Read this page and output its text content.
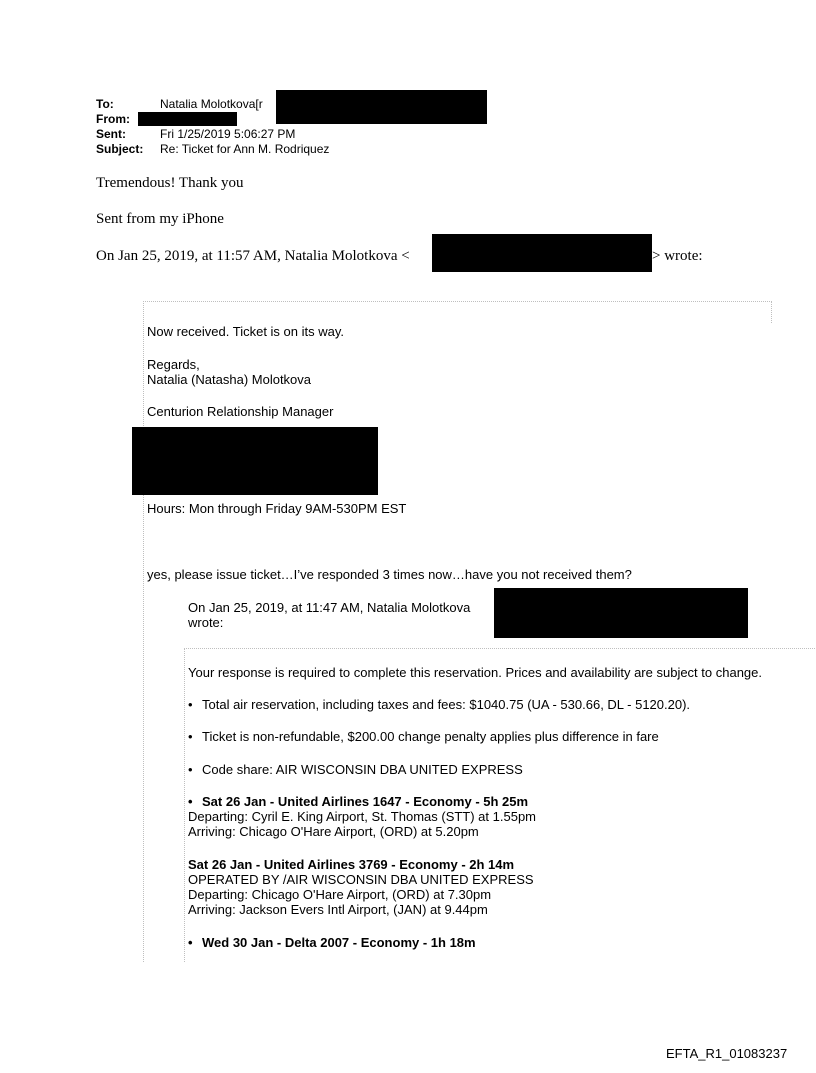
To:	Natalia Molotkova[r
From:
Sent:	Fri 1/25/2019 5:06:27 PM
Subject: Re: Ticket for Ann M. Rodriquez
Tremendous! Thank you
Sent from my iPhone
On Jan 25, 2019, at 11:57 AM, Natalia Molotkova <	> wrote:
Now received. Ticket is on its way.
Regards,
Natalia (Natasha) Molotkova
Centurion Relationship Manager
Hours: Mon through Friday 9AM-530PM EST
yes, please issue ticket…I’ve responded 3 times now…have you not received them?
On Jan 25, 2019, at 11:47 AM, Natalia Molotkova
wrote:
Your response is required to complete this reservation. Prices and availability are subject to change.
• Total air reservation, including taxes and fees: $1040.75 (UA - 530.66, DL - 5120.20).
• Ticket is non-refundable, $200.00 change penalty applies plus difference in fare
• Code share: AIR WISCONSIN DBA UNITED EXPRESS
• Sat 26 Jan - United Airlines 1647 - Economy - 5h 25m
Departing: Cyril E. King Airport, St. Thomas (STT) at 1.55pm
Arriving: Chicago O'Hare Airport, (ORD) at 5.20pm
Sat 26 Jan - United Airlines 3769 - Economy - 2h 14m
OPERATED BY /AIR WISCONSIN DBA UNITED EXPRESS
Departing: Chicago O'Hare Airport, (ORD) at 7.30pm
Arriving: Jackson Evers Intl Airport, (JAN) at 9.44pm
• Wed 30 Jan - Delta 2007 - Economy - 1h 18m
EFTA_R1_01083237
